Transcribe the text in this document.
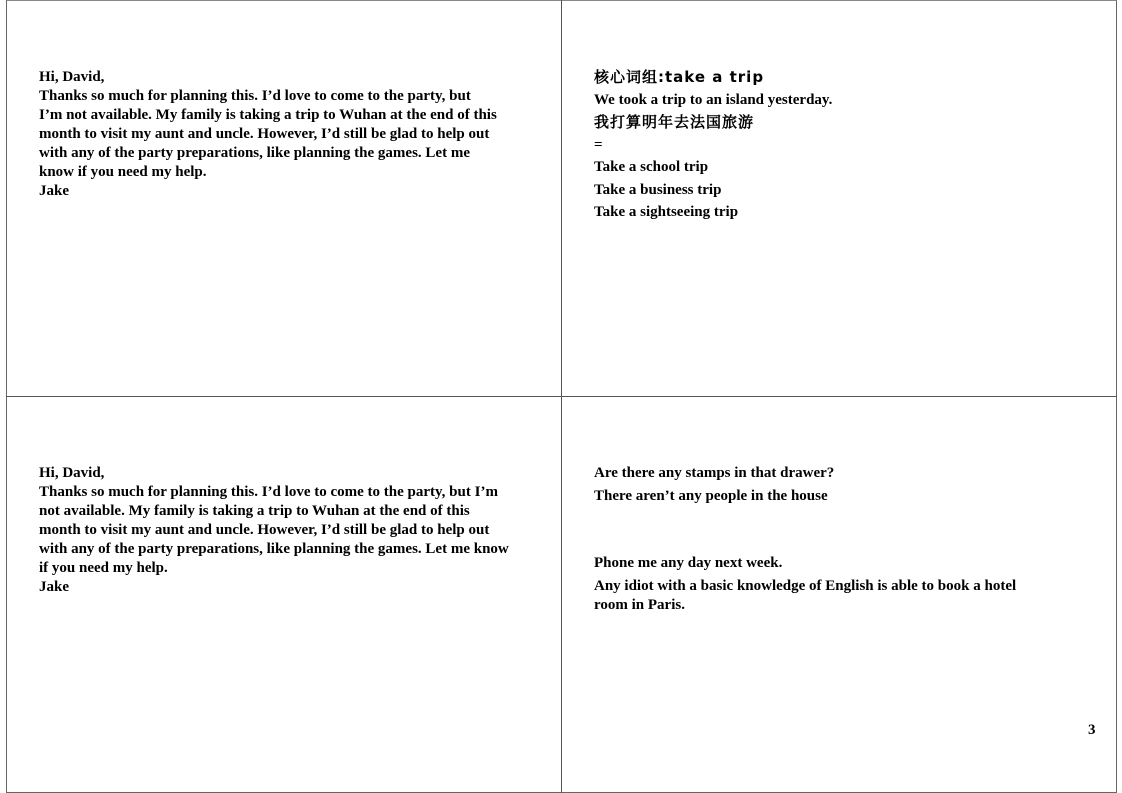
Hi, David,

Thanks so much for planning this. I’d love to come to the party, but

I’m not available. My family is taking a trip to Wuhan at the end of this

month to visit my aunt and uncle. However, I’d still be glad to help out

with any of the party preparations, like planning the games. Let me

know if you need my help.

Jake

核心词组:take a trip
We took a trip to an island yesterday.
我打算明年去法国旅游
=
Take a school trip
Take a business trip
Take a sightseeing trip

Hi, David,

Thanks so much for planning this. I’d love to come to the party, but I’m

not available. My family is taking a trip to Wuhan at the end of this

month to visit my aunt and uncle. However, I’d still be glad to help out

with any of the party preparations, like planning the games. Let me know

if you need my help.

Jake

Are there any stamps in that drawer?
There aren’t any people in the house
Phone me any day next week.
Any idiot with a basic knowledge of English is able to book a hotel
room in Paris.
3
